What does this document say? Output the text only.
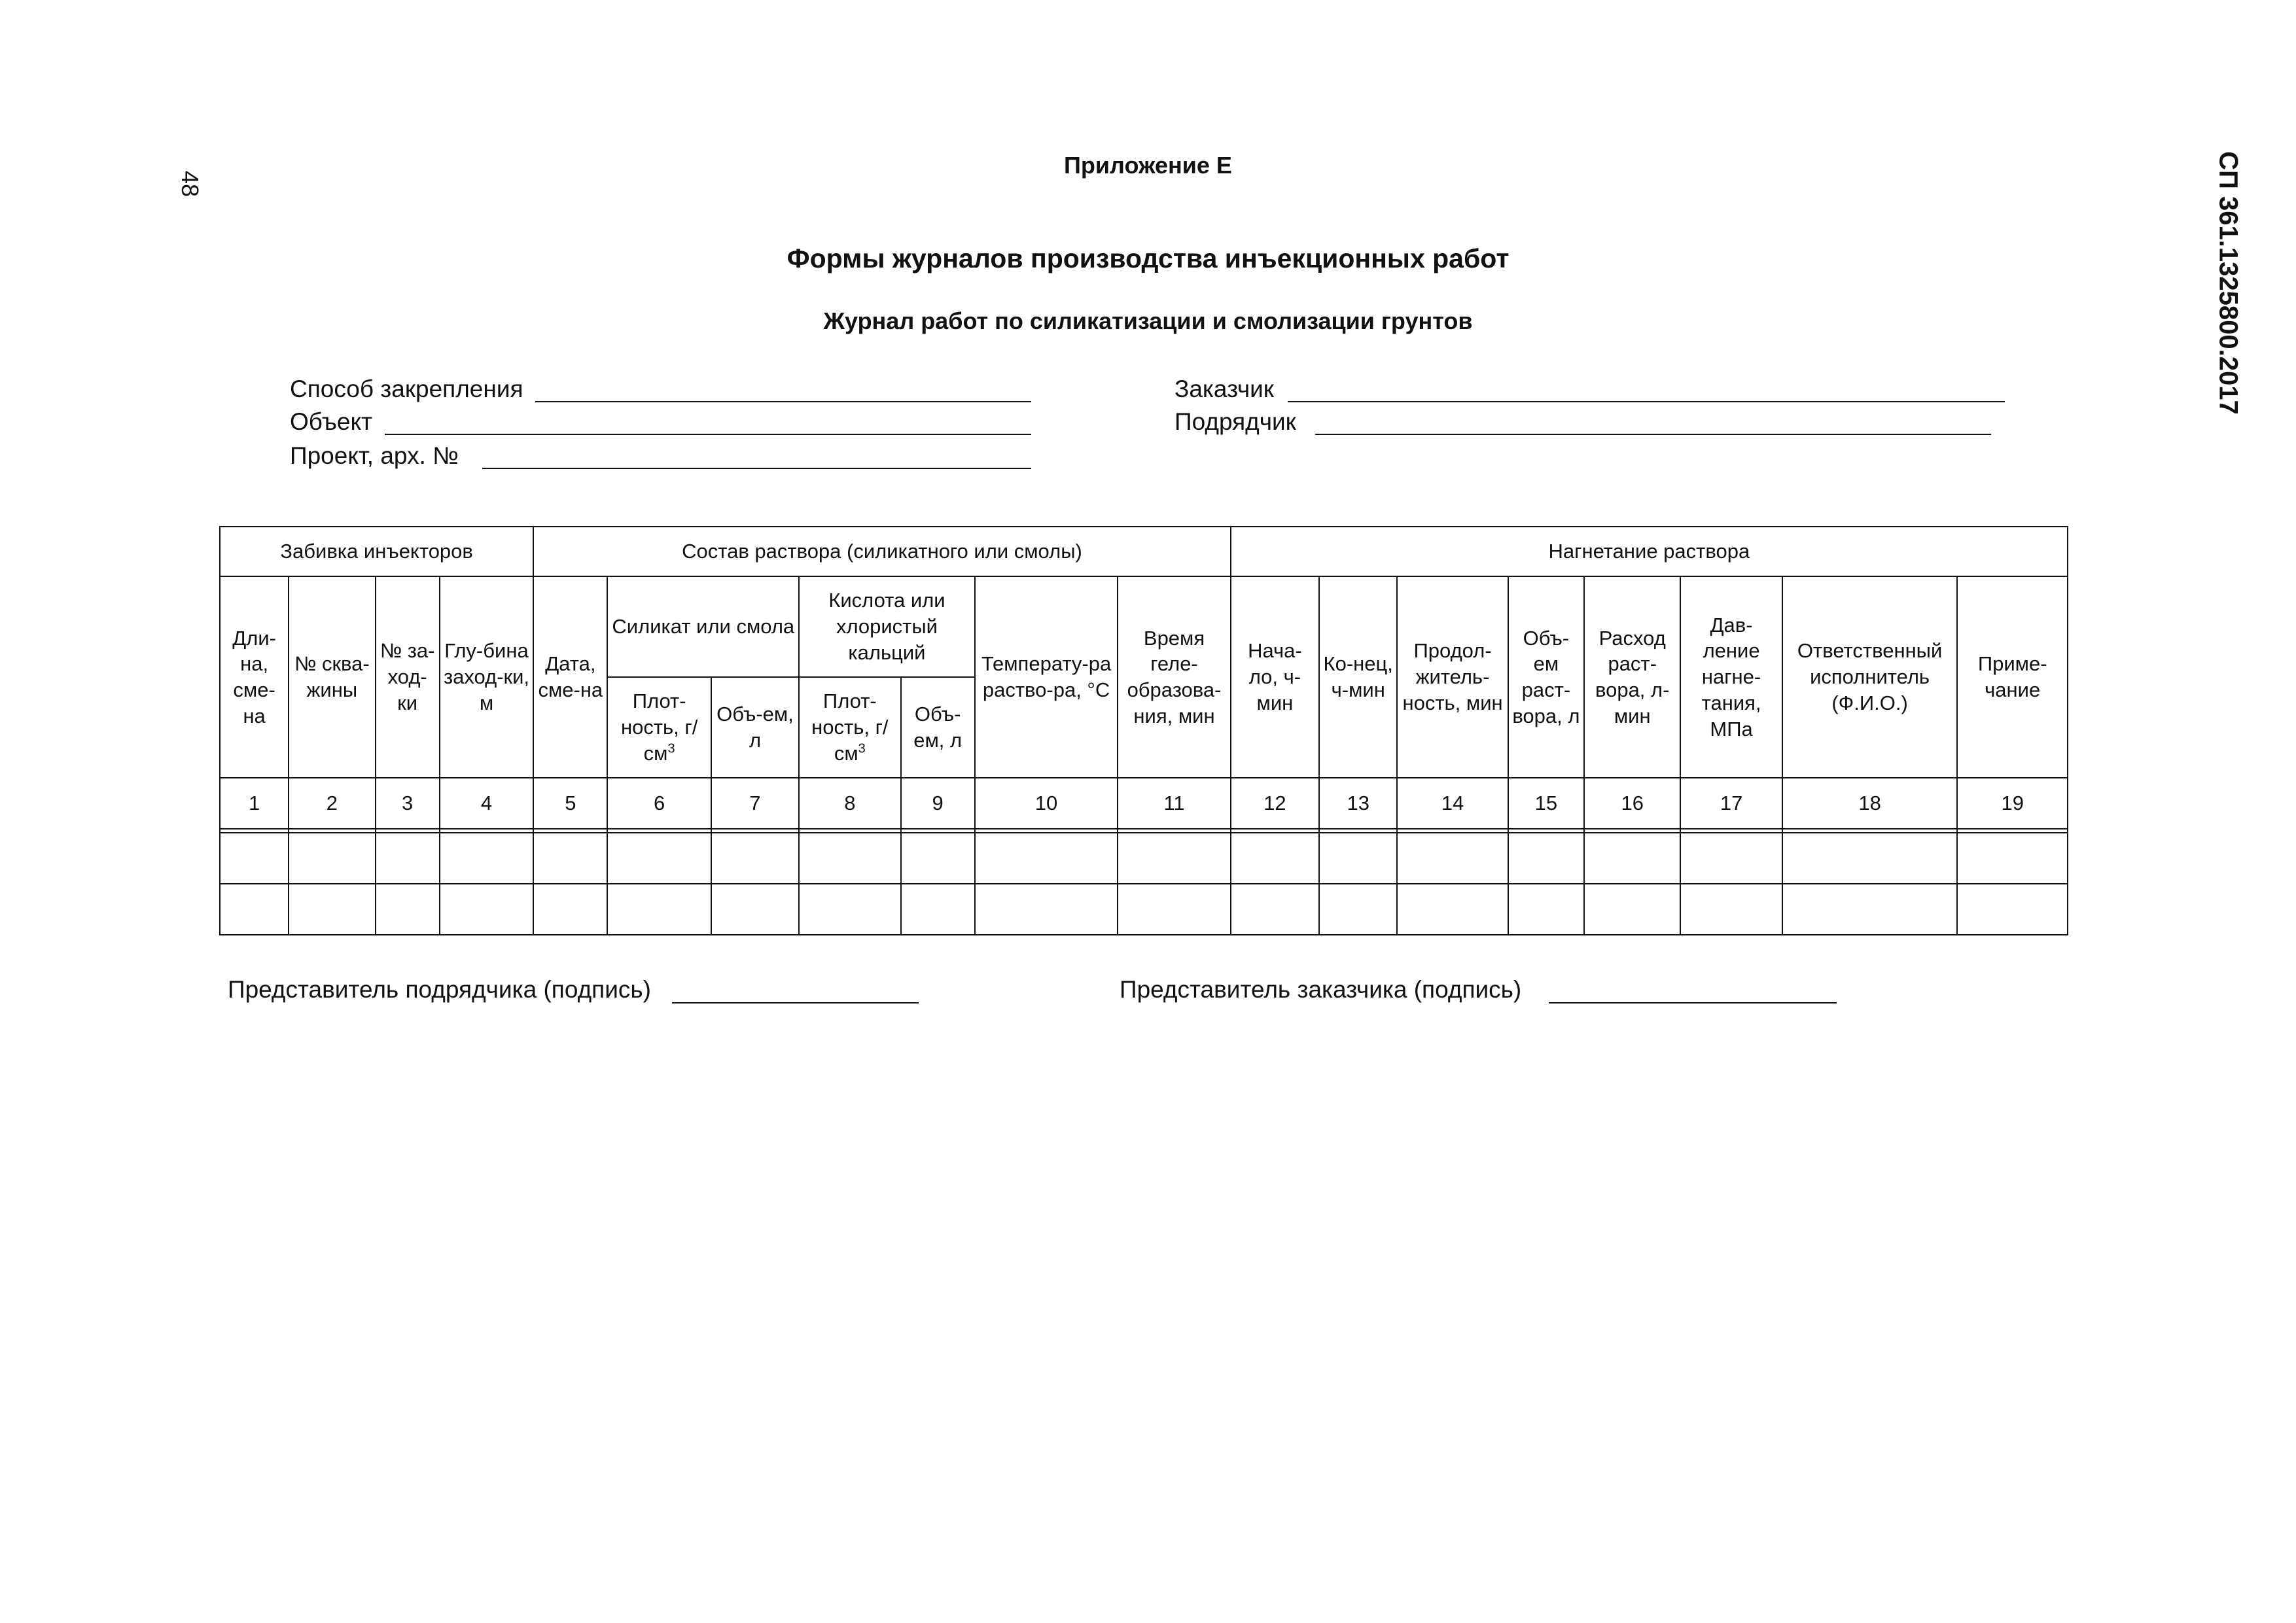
48	СП 361.1325800.2017
Приложение Е
Формы журналов производства инъекционных работ
Журнал работ по силикатизации и смолизации грунтов
Способ закрепления
Объект
Проект, арх. №
Заказчик
Подрядчик
Забивка инъекторов				Состав раствора (силикатного или смолы)							Нагнетание раствора							
Дли-на, сме-на	№ сква-жины	№ за-ход-ки	Глу-бина заход-ки, м	Дата, сме-на	Силикат или смола		Кислота или хлористый кальций		Температу-ра раство-ра, °С	Время геле-образова-ния, мин	Нача-ло, ч-мин	Ко-нец, ч-мин	Продол-житель-ность, мин	Объ-ем раст-вора, л	Расход раст-вора, л-мин	Дав-ление нагне-тания, МПа	Ответственный исполнитель (Ф.И.О.)	Приме-чание
					Плот-ность, $г/см^3$	Объ-ем, л	Плот-ность, $г/см^3$	Объ-ем, л										
1	2	3	4	5	6	7	8	9	10	11	12	13	14	15	16	17	18	19

Представитель подрядчика (подпись)	Представитель заказчика (подпись)
